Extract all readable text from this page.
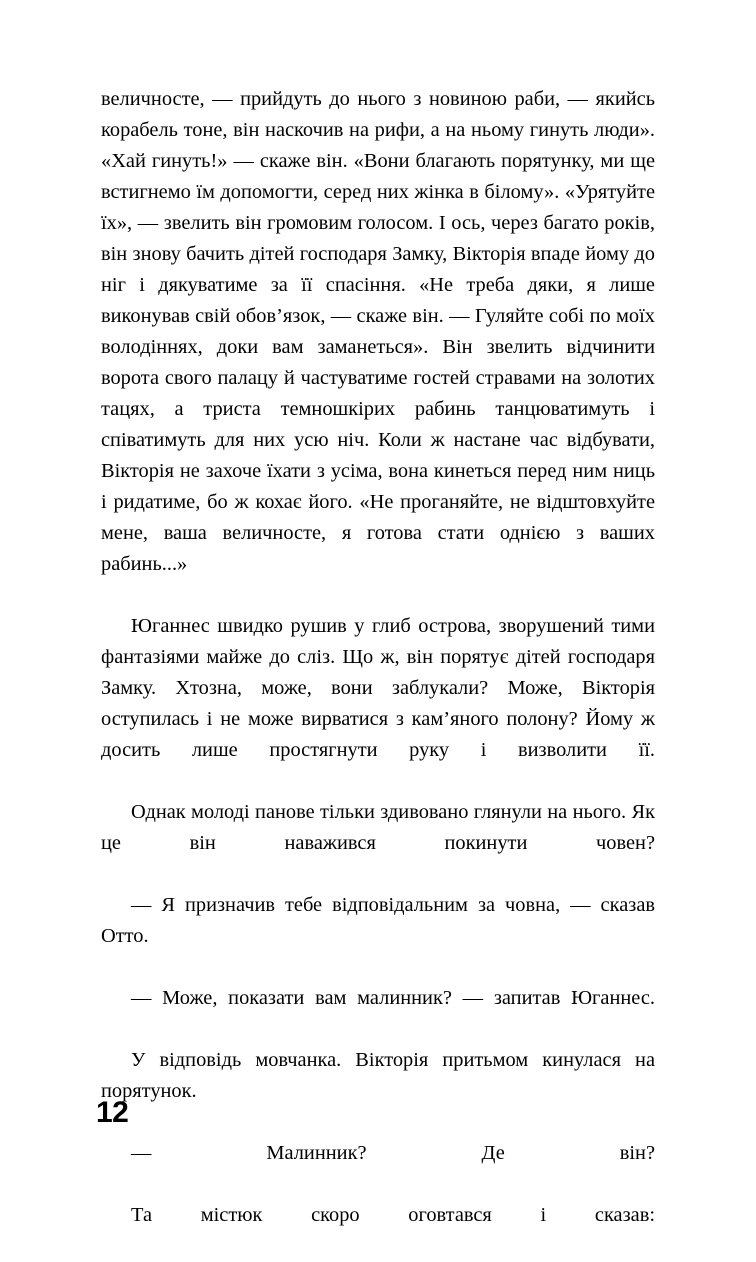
величносте, — прийдуть до нього з новиною раби, — якийсь корабель тоне, він наскочив на рифи, а на ньому гинуть люди». «Хай гинуть!» — скаже він. «Вони благають порятунку, ми ще встигнемо їм допомогти, серед них жінка в білому». «Урятуйте їх», — звелить він громовим голосом. І ось, через багато років, він знову бачить дітей господаря Замку, Вікторія впаде йому до ніг і дякуватиме за її спасіння. «Не треба дяки, я лише виконував свій обов’язок, — скаже він. — Гуляйте собі по моїх володіннях, доки вам заманеться». Він звелить відчинити ворота свого палацу й частуватиме гостей стравами на золотих тацях, а триста темношкірих рабинь танцюватимуть і співатимуть для них усю ніч. Коли ж настане час відбувати, Вікторія не захоче їхати з усіма, вона кинеться перед ним ниць і ридатиме, бо ж кохає його. «Не проганяйте, не відштовхуйте мене, ваша величносте, я готова стати однією з ваших рабинь...»

Юганнес швидко рушив у глиб острова, зворушений тими фантазіями майже до сліз. Що ж, він порятує дітей господаря Замку. Хтозна, може, вони заблукали? Може, Вікторія оступилась і не може вирватися з кам’яного полону? Йому ж досить лише простягнути руку і визволити її.

Однак молоді панове тільки здивовано глянули на нього. Як це він наважився покинути човен?

— Я призначив тебе відповідальним за човна, — сказав Отто.

— Може, показати вам малинник? — запитав Юганнес.

У відповідь мовчанка. Вікторія притьмом кинулася на порятунок.

— Малинник? Де він?

Та містюк скоро оговтався і сказав:

12
